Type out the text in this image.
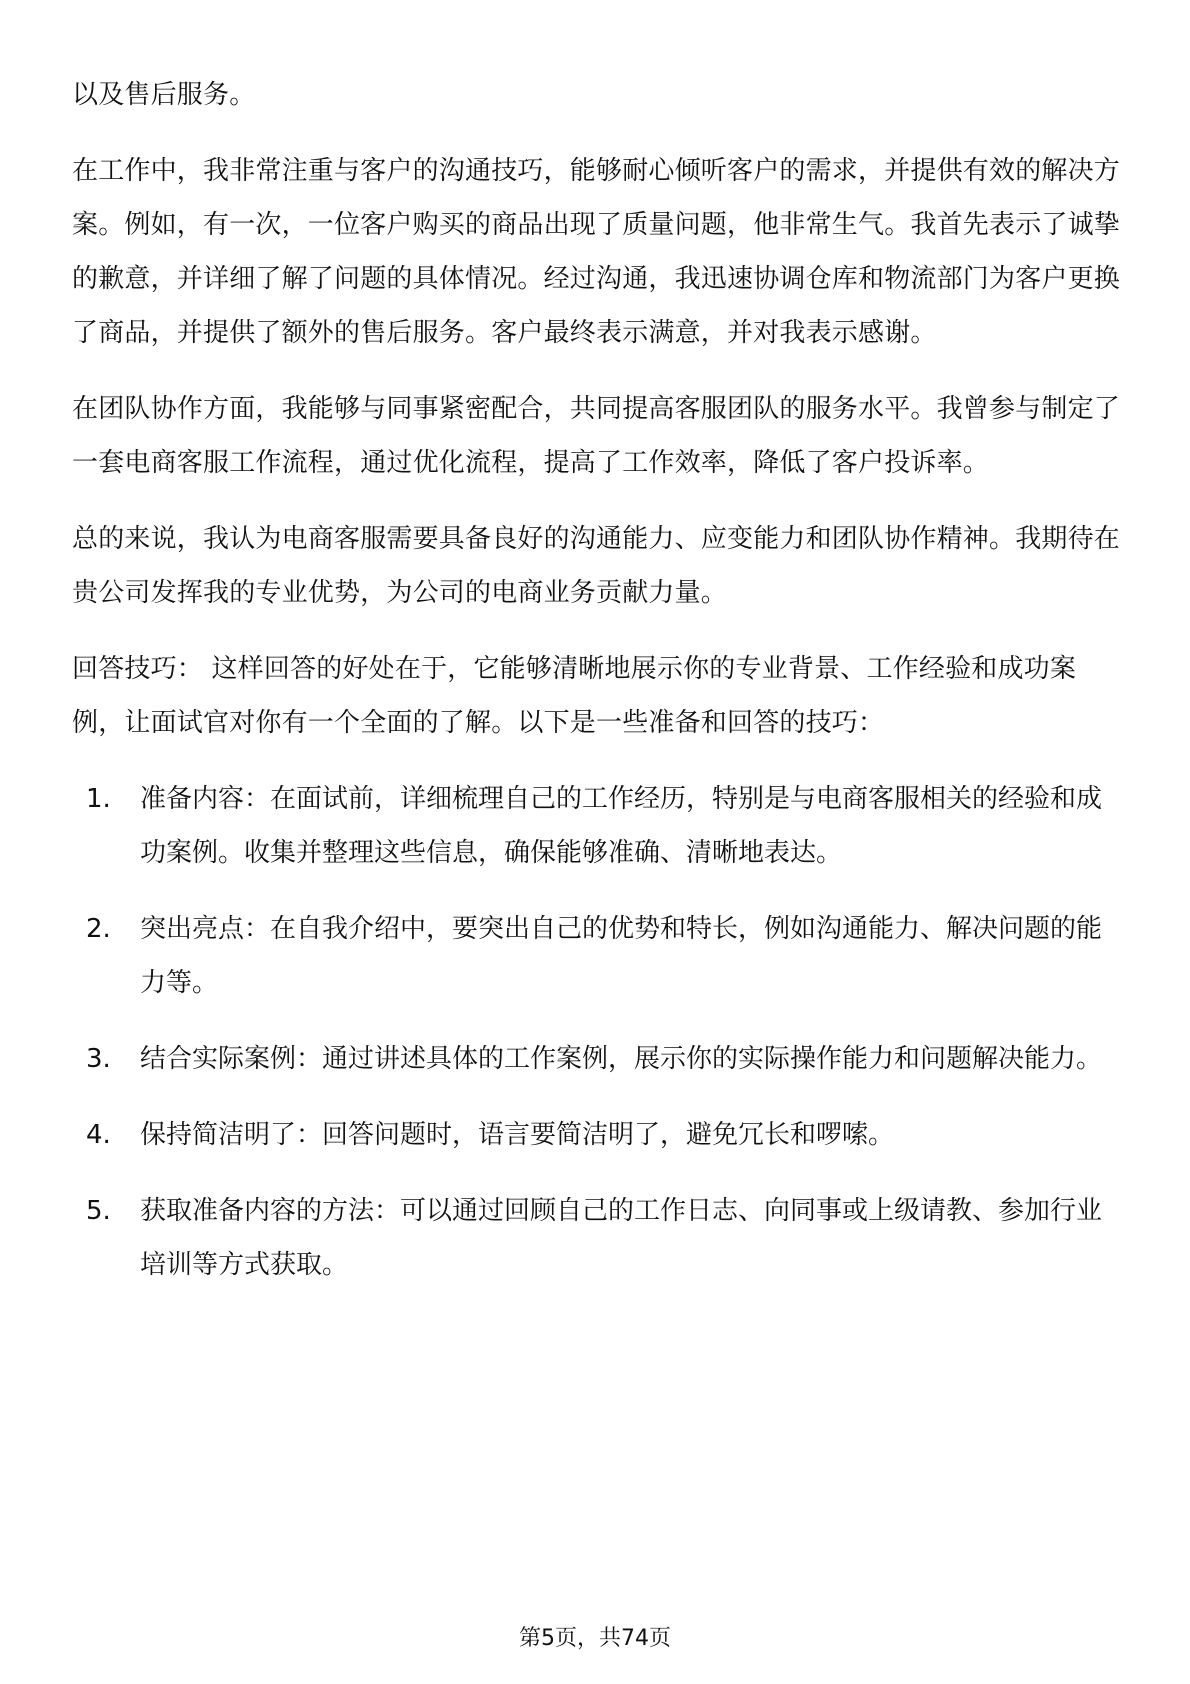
以及售后服务。

在工作中，我非常注重与客户的沟通技巧，能够耐心倾听客户的需求，并提供有效的解决方案。例如，有一次，一位客户购买的商品出现了质量问题，他非常生气。我首先表示了诚挚的歉意，并详细了解了问题的具体情况。经过沟通，我迅速协调仓库和物流部门为客户更换了商品，并提供了额外的售后服务。客户最终表示满意，并对我表示感谢。

在团队协作方面，我能够与同事紧密配合，共同提高客服团队的服务水平。我曾参与制定了一套电商客服工作流程，通过优化流程，提高了工作效率，降低了客户投诉率。

总的来说，我认为电商客服需要具备良好的沟通能力、应变能力和团队协作精神。我期待在贵公司发挥我的专业优势，为公司的电商业务贡献力量。

回答技巧： 这样回答的好处在于，它能够清晰地展示你的专业背景、工作经验和成功案例，让面试官对你有一个全面的了解。以下是一些准备和回答的技巧：

1.	准备内容：在面试前，详细梳理自己的工作经历，特别是与电商客服相关的经验和成功案例。收集并整理这些信息，确保能够准确、清晰地表达。
2.	突出亮点：在自我介绍中，要突出自己的优势和特长，例如沟通能力、解决问题的能力等。
3.	结合实际案例：通过讲述具体的工作案例，展示你的实际操作能力和问题解决能力。
4.	保持简洁明了：回答问题时，语言要简洁明了，避免冗长和啰嗦。
5.	获取准备内容的方法：可以通过回顾自己的工作日志、向同事或上级请教、参加行业培训等方式获取。
第5页，共74页
